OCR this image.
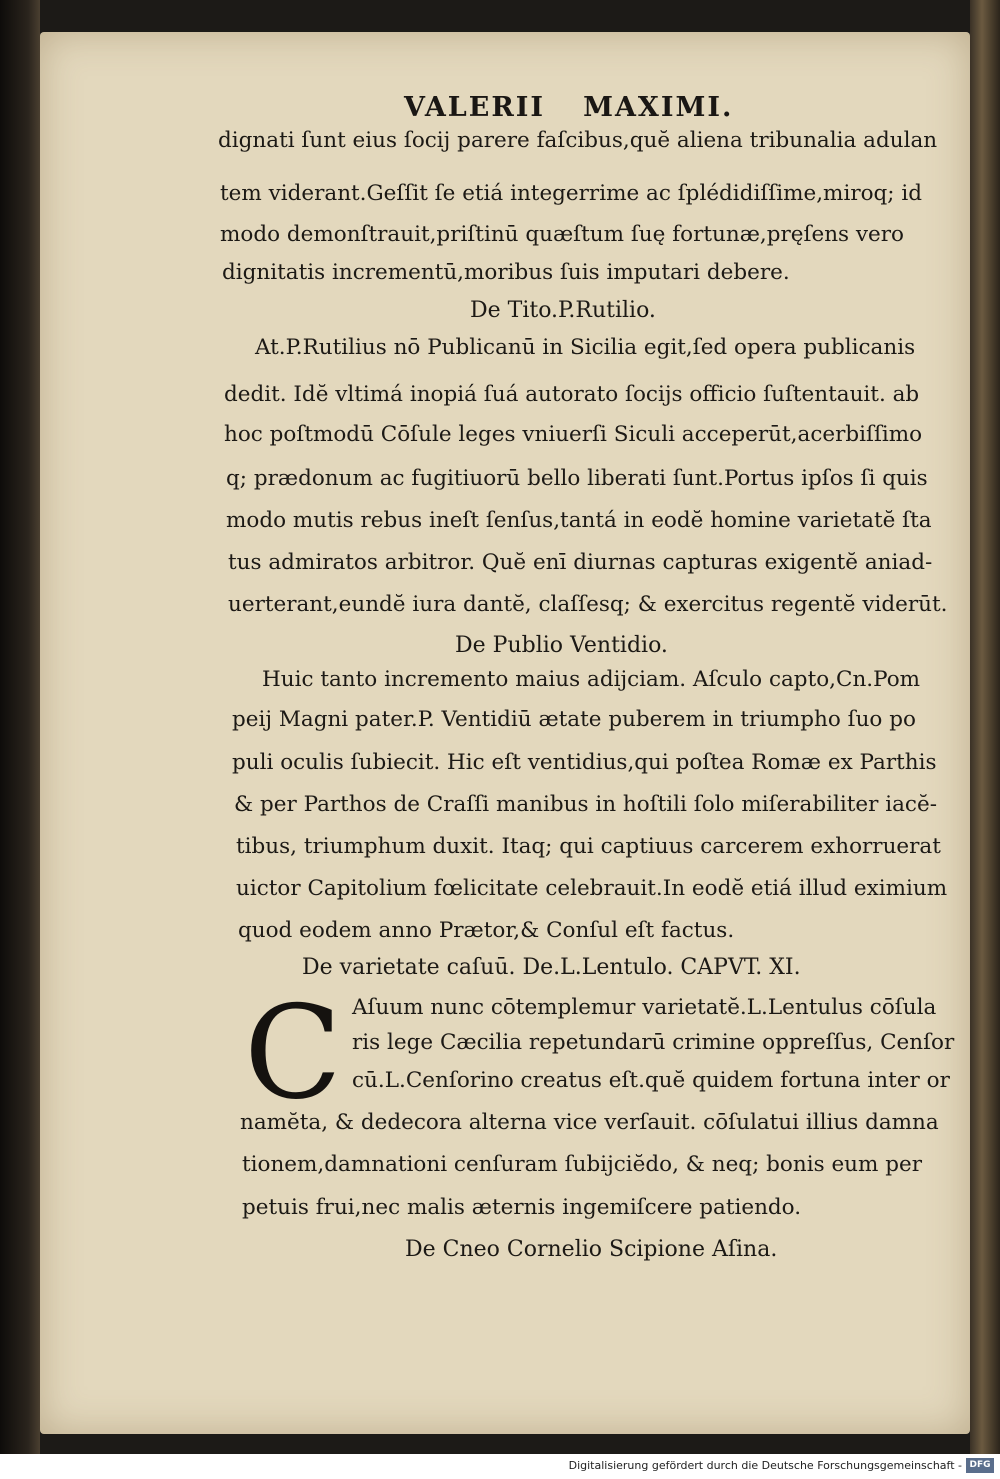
VALERII MAXIMI.
dignati ſunt eius ſocij parere faſcibus,quĕ aliena tribunalia adulan
tem viderant.Geſſit ſe etiá integerrime ac ſplédidiſſime,miroq; id
modo demonſtrauit,priſtinū quæſtum ſuę fortunæ,pręſens vero
dignitatis incrementū,moribus ſuis imputari debere.
De Tito.P.Rutilio.
At.P.Rutilius nō Publicanū in Sicilia egit,ſed opera publicanis
dedit. Idĕ vltimá inopiá ſuá autorato ſocijs officio ſuſtentauit. ab
hoc poſtmodū Cōſule leges vniuerſi Siculi acceperūt,acerbiſſimo
q; prædonum ac fugitiuorū bello liberati ſunt.Portus ipſos ſi quis
modo mutis rebus ineſt ſenſus,tantá in eodĕ homine varietatĕ ſta
tus admiratos arbitror. Quĕ enī diurnas capturas exigentĕ aniad-
uerterant,eundĕ iura dantĕ, claſſesq; & exercitus regentĕ viderūt.
De Publio Ventidio.
Huic tanto incremento maius adijciam. Aſculo capto,Cn.Pom
peij Magni pater.P. Ventidiū ætate puberem in triumpho ſuo po
puli oculis ſubiecit. Hic eſt ventidius,qui poſtea Romæ ex Parthis
& per Parthos de Craſſi manibus in hoſtili ſolo miſerabiliter iacĕ-
tibus, triumphum duxit. Itaq; qui captiuus carcerem exhorruerat
uictor Capitolium fœlicitate celebrauit.In eodĕ etiá illud eximium
quod eodem anno Prætor,& Conſul eſt factus.
De varietate caſuū. De.L.Lentulo. CAPVT. XI.
C Aſuum nunc cōtemplemur varietatĕ.L.Lentulus cōſula
ris lege Cæcilia repetundarū crimine oppreſſus, Cenſor
cū.L.Cenſorino creatus eſt.quĕ quidem fortuna inter or
namĕta, & dedecora alterna vice verſauit. cōſulatui illius damna
tionem,damnationi cenſuram ſubijciĕdo, & neq; bonis eum per
petuis frui,nec malis æternis ingemiſcere patiendo.
De Cneo Cornelio Scipione Aſina.
Digitalisierung gefördert durch die Deutsche Forschungsgemeinschaft - DFG
